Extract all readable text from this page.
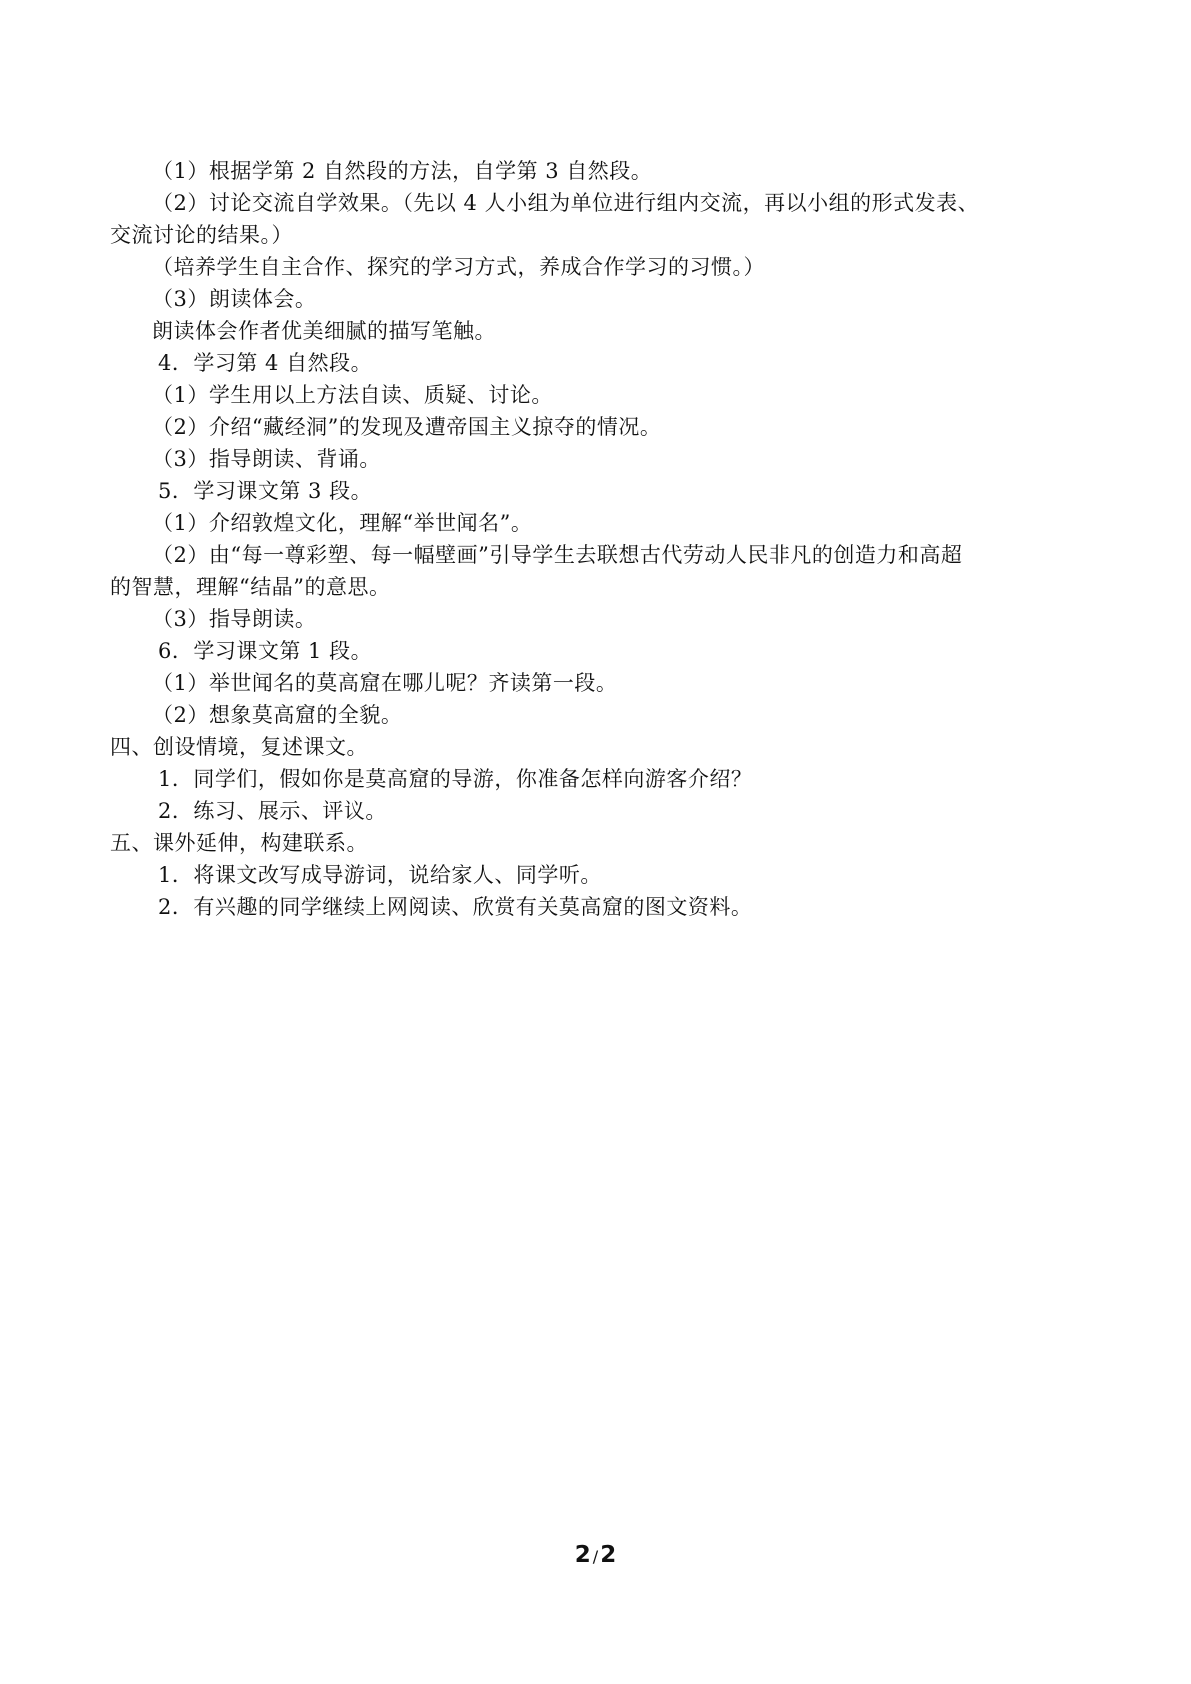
（1）根据学第 2 自然段的方法，自学第 3 自然段。
（2）讨论交流自学效果。（先以 4 人小组为单位进行组内交流，再以小组的形式发表、
交流讨论的结果。）
（培养学生自主合作、探究的学习方式，养成合作学习的习惯。）
（3）朗读体会。
朗读体会作者优美细腻的描写笔触。
4．学习第 4 自然段。
（1）学生用以上方法自读、质疑、讨论。
（2）介绍“藏经洞”的发现及遭帝国主义掠夺的情况。
（3）指导朗读、背诵。
5．学习课文第 3 段。
（1）介绍敦煌文化，理解“举世闻名”。
（2）由“每一尊彩塑、每一幅壁画”引导学生去联想古代劳动人民非凡的创造力和高超
的智慧，理解“结晶”的意思。
（3）指导朗读。
6．学习课文第 1 段。
（1）举世闻名的莫高窟在哪儿呢？齐读第一段。
（2）想象莫高窟的全貌。
四、创设情境，复述课文。
1．同学们，假如你是莫高窟的导游，你准备怎样向游客介绍？
2．练习、展示、评议。
五、课外延伸，构建联系。
1．将课文改写成导游词，说给家人、同学听。
2．有兴趣的同学继续上网阅读、欣赏有关莫高窟的图文资料。
2 /2
